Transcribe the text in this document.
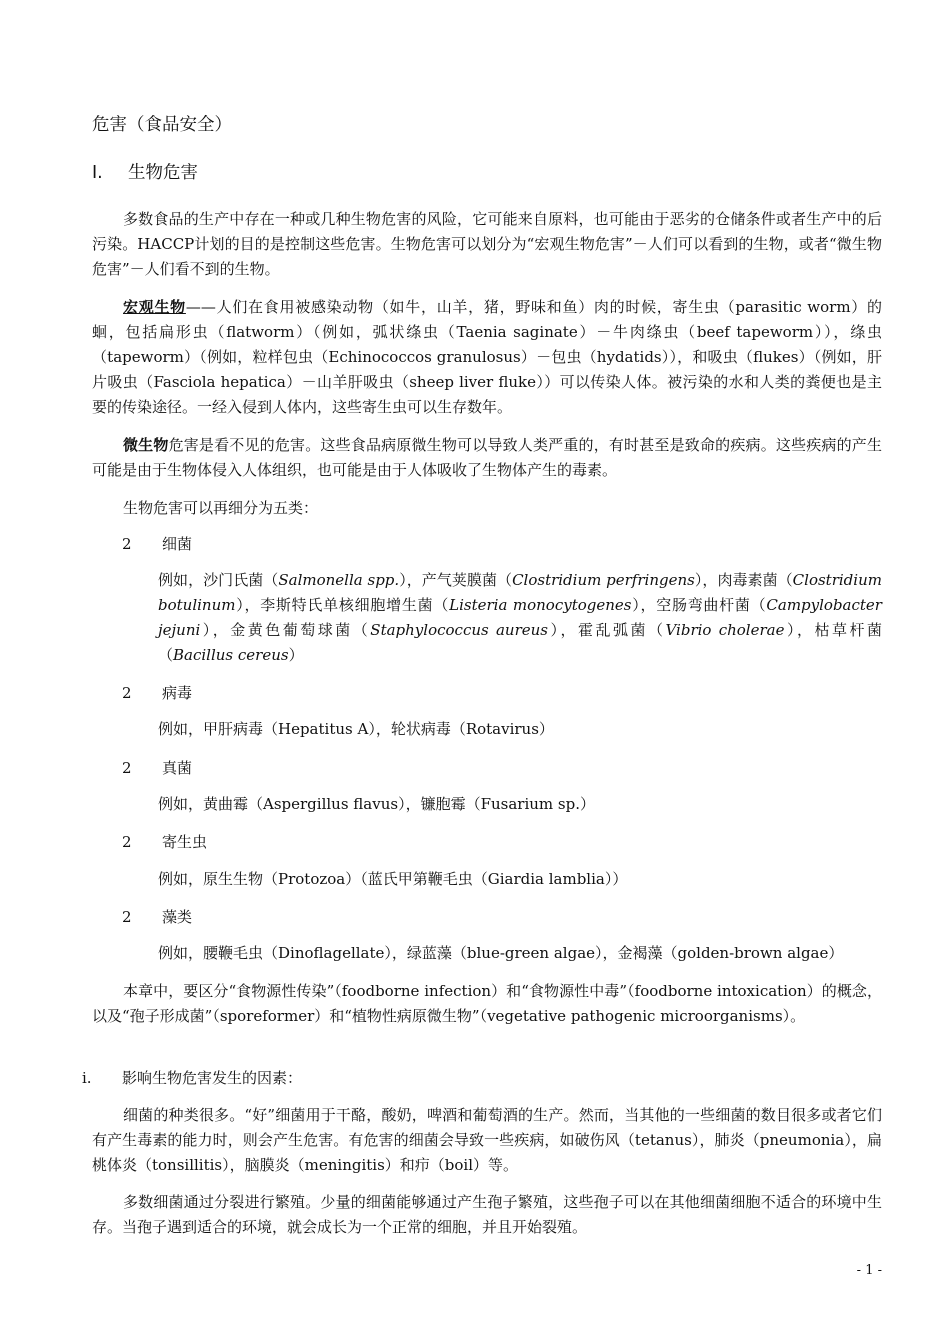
危害（食品安全）
I. 生物危害

多数食品的生产中存在一种或几种生物危害的风险，它可能来自原料，也可能由于恶劣的仓储条件或者生产中的后污染。HACCP计划的目的是控制这些危害。生物危害可以划分为“宏观生物危害”－人们可以看到的生物，或者“微生物危害”－人们看不到的生物。

宏观生物——人们在食用被感染动物（如牛，山羊，猪，野味和鱼）肉的时候，寄生虫（parasitic worm）的蛔，包括扁形虫（flatworm）（例如，弧状绦虫（Taenia saginate）－牛肉绦虫（beef tapeworm）），绦虫（tapeworm）（例如，粒样包虫（Echinococcos granulosus）－包虫（hydatids）），和吸虫（flukes）（例如，肝片吸虫（Fasciola hepatica）－山羊肝吸虫（sheep liver fluke））可以传染人体。被污染的水和人类的粪便也是主要的传染途径。一经入侵到人体内，这些寄生虫可以生存数年。

微生物危害是看不见的危害。这些食品病原微生物可以导致人类严重的，有时甚至是致命的疾病。这些疾病的产生可能是由于生物体侵入人体组织，也可能是由于人体吸收了生物体产生的毒素。

生物危害可以再细分为五类：

2 细菌

例如，沙门氏菌（Salmonella spp.），产气荚膜菌（Clostridium perfringens），肉毒素菌（Clostridium botulinum），李斯特氏单核细胞增生菌（Listeria monocytogenes），空肠弯曲杆菌（Campylobacter jejuni），金黄色葡萄球菌（Staphylococcus aureus），霍乱弧菌（Vibrio cholerae），枯草杆菌（Bacillus cereus）

2 病毒

例如，甲肝病毒（Hepatitus A），轮状病毒（Rotavirus）

2 真菌

例如，黄曲霉（Aspergillus flavus），镰胞霉（Fusarium sp.）

2 寄生虫

例如，原生生物（Protozoa）（蓝氏甲第鞭毛虫（Giardia lamblia））

2 藻类

例如，腰鞭毛虫（Dinoflagellate），绿蓝藻（blue-green algae），金褐藻（golden-brown algae）

本章中，要区分“食物源性传染”（foodborne infection）和“食物源性中毒”（foodborne intoxication）的概念，以及“孢子形成菌”（sporeformer）和“植物性病原微生物”（vegetative pathogenic microorganisms）。

i. 影响生物危害发生的因素：

细菌的种类很多。“好”细菌用于干酪，酸奶，啤酒和葡萄酒的生产。然而，当其他的一些细菌的数目很多或者它们有产生毒素的能力时，则会产生危害。有危害的细菌会导致一些疾病，如破伤风（tetanus），肺炎（pneumonia），扁桃体炎（tonsillitis），脑膜炎（meningitis）和疖（boil）等。

多数细菌通过分裂进行繁殖。少量的细菌能够通过产生孢子繁殖，这些孢子可以在其他细菌细胞不适合的环境中生存。当孢子遇到适合的环境，就会成长为一个正常的细胞，并且开始裂殖。

- 1 -
